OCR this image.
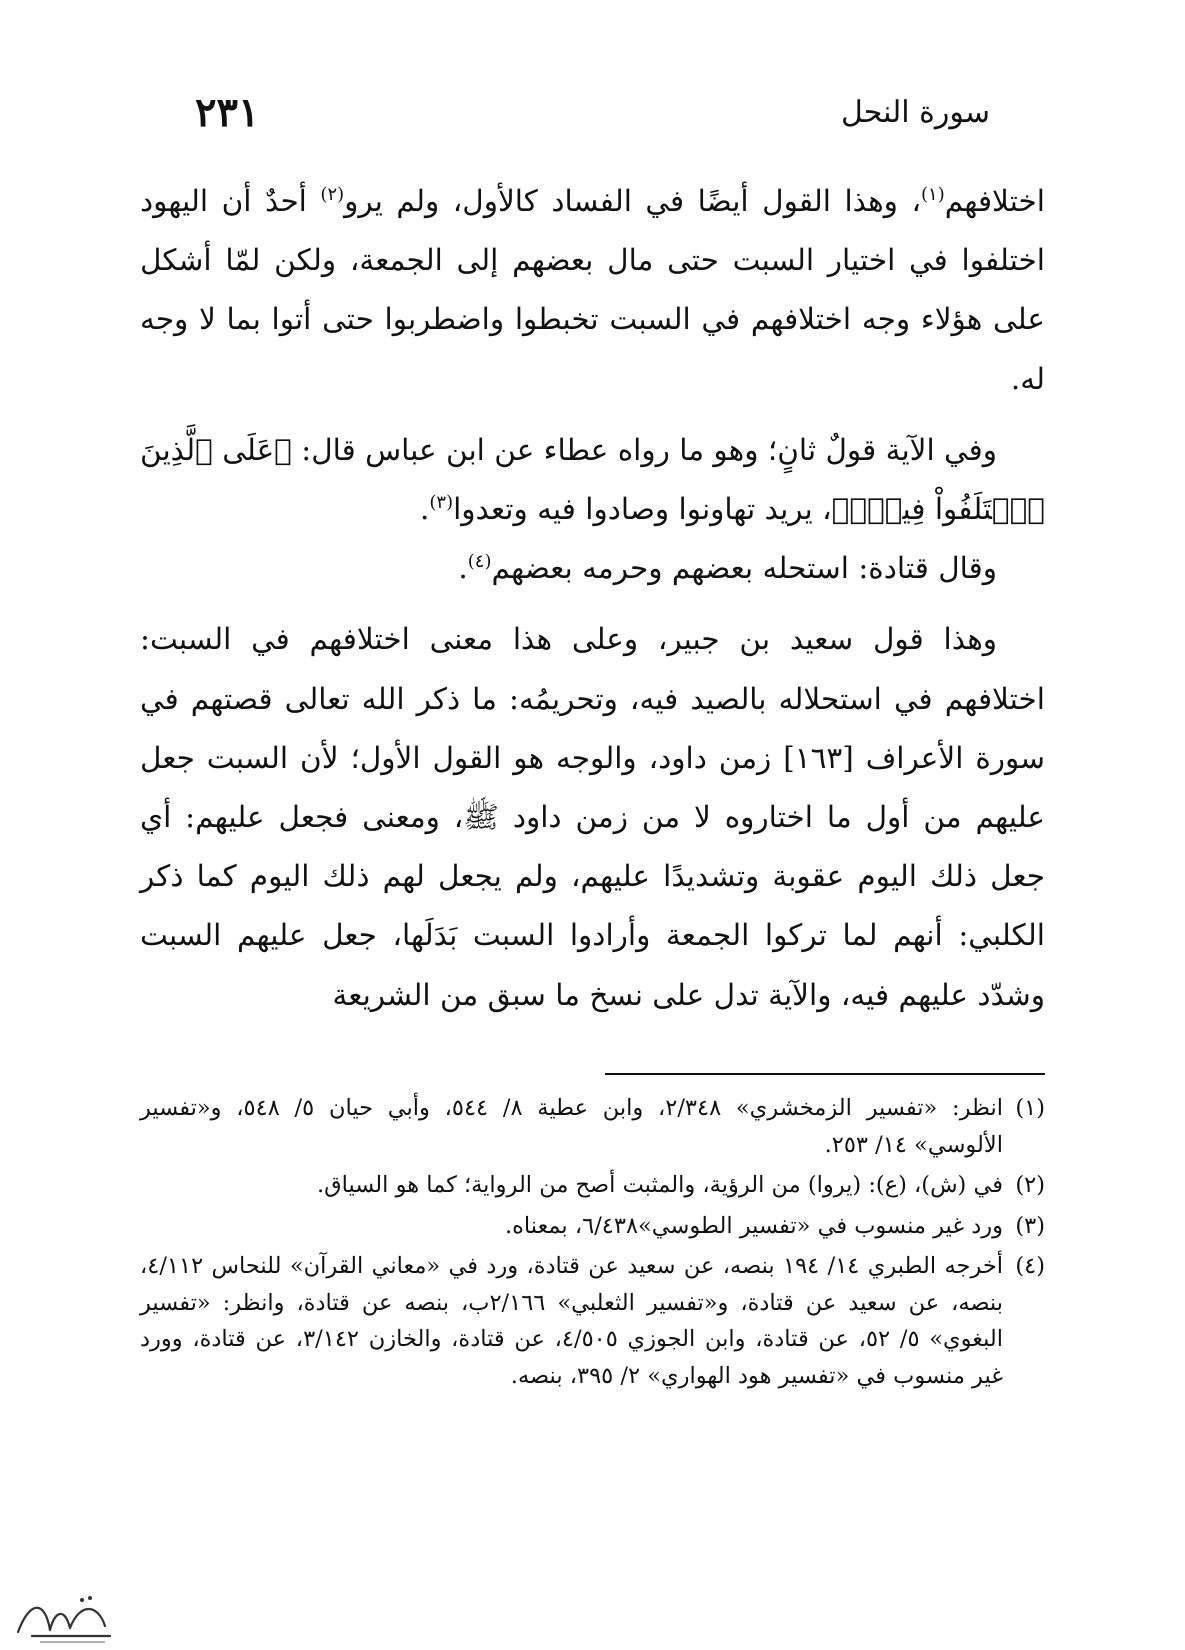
٢٣١	سورة النحل

اختلافهم$^{(١)}$، وهذا القول أيضًا في الفساد كالأول، ولم يرو$^{(٢)}$ أحدٌ أن اليهود اختلفوا في اختيار السبت حتى مال بعضهم إلى الجمعة، ولكن لمّا أشكل على هؤلاء وجه اختلافهم في السبت تخبطوا واضطربوا حتى أتوا بما لا وجه له.

وفي الآية قولٌ ثانٍ؛ وهو ما رواه عطاء عن ابن عباس قال: ﴿عَلَى ٱلَّذِينَ ٱخۡتَلَفُواْ فِيهِۚ﴾، يريد تهاونوا وصادوا فيه وتعدوا$^{(٣)}$.

وقال قتادة: استحله بعضهم وحرمه بعضهم$^{(٤)}$.

وهذا قول سعيد بن جبير، وعلى هذا معنى اختلافهم في السبت: اختلافهم في استحلاله بالصيد فيه، وتحريمُه: ما ذكر الله تعالى قصتهم في سورة الأعراف [١٦٣] زمن داود، والوجه هو القول الأول؛ لأن السبت جعل عليهم من أول ما اختاروه لا من زمن داود ﷺ، ومعنى فجعل عليهم: أي جعل ذلك اليوم عقوبة وتشديدًا عليهم، ولم يجعل لهم ذلك اليوم كما ذكر الكلبي: أنهم لما تركوا الجمعة وأرادوا السبت بَدَلَها، جعل عليهم السبت وشدّد عليهم فيه، والآية تدل على نسخ ما سبق من الشريعة

(١)
انظر: «تفسير الزمخشري» ٢/٣٤٨، وابن عطية ٨/ ٥٤٤، وأبي حيان ٥/ ٥٤٨، و«تفسير الألوسي» ١٤/ ٢٥٣.
(٢)
في (ش)، (ع): (يروا) من الرؤية، والمثبت أصح من الرواية؛ كما هو السياق.
(٣)
ورد غير منسوب في «تفسير الطوسي»٦/٤٣٨، بمعناه.
(٤)
أخرجه الطبري ١٤/ ١٩٤ بنصه، عن سعيد عن قتادة، ورد في «معاني القرآن» للنحاس ٤/١١٢، بنصه، عن سعيد عن قتادة، و«تفسير الثعلبي» ٢/١٦٦ب، بنصه عن قتادة، وانظر: «تفسير البغوي» ٥/ ٥٢، عن قتادة، وابن الجوزي ٤/٥٠٥، عن قتادة، والخازن ٣/١٤٢، عن قتادة، وورد غير منسوب في «تفسير هود الهواري» ٢/ ٣٩٥، بنصه.
